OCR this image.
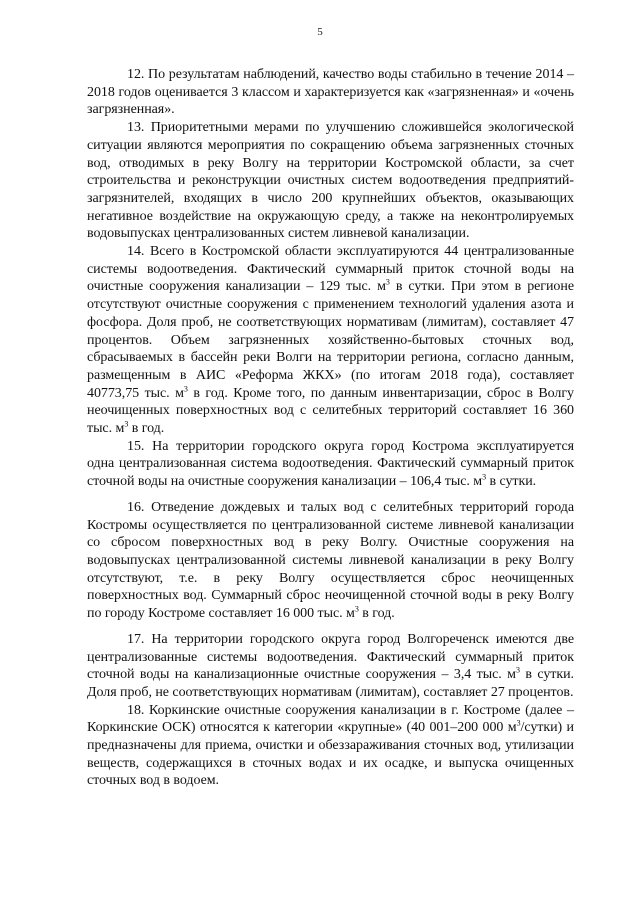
5

12. По результатам наблюдений, качество воды стабильно в течение 2014 – 2018 годов оценивается 3 классом и характеризуется как «загрязненная» и «очень загрязненная».

13. Приоритетными мерами по улучшению сложившейся экологической ситуации являются мероприятия по сокращению объема загрязненных сточных вод, отводимых в реку Волгу на территории Костромской области, за счет строительства и реконструкции очистных систем водоотведения предприятий-загрязнителей, входящих в число 200 крупнейших объектов, оказывающих негативное воздействие на окружающую среду, а также на неконтролируемых водовыпусках централизованных систем ливневой канализации.

14. Всего в Костромской области эксплуатируются 44 централизованные системы водоотведения. Фактический суммарный приток сточной воды на очистные сооружения канализации – 129 тыс. $м^3$ в сутки. При этом в регионе отсутствуют очистные сооружения с применением технологий удаления азота и фосфора. Доля проб, не соответствующих нормативам (лимитам), составляет 47 процентов. Объем загрязненных хозяйственно-бытовых сточных вод, сбрасываемых в бассейн реки Волги на территории региона, согласно данным, размещенным в АИС «Реформа ЖКХ» (по итогам 2018 года), составляет 40773,75 тыс. $м^3$ в год. Кроме того, по данным инвентаризации, сброс в Волгу неочищенных поверхностных вод с селитебных территорий составляет 16 360 тыс. $м^3$ в год.

15. На территории городского округа город Кострома эксплуатируется одна централизованная система водоотведения. Фактический суммарный приток сточной воды на очистные сооружения канализации – 106,4 тыс. $м^3$ в сутки.

16. Отведение дождевых и талых вод с селитебных территорий города Костромы осуществляется по централизованной системе ливневой канализации со сбросом поверхностных вод в реку Волгу. Очистные сооружения на водовыпусках централизованной системы ливневой канализации в реку Волгу отсутствуют, т.е. в реку Волгу осуществляется сброс неочищенных поверхностных вод. Суммарный сброс неочищенной сточной воды в реку Волгу по городу Костроме составляет 16 000 тыс. $м^3$ в год.

17. На территории городского округа город Волгореченск имеются две централизованные системы водоотведения. Фактический суммарный приток сточной воды на канализационные очистные сооружения – 3,4 тыс. $м^3$ в сутки. Доля проб, не соответствующих нормативам (лимитам), составляет 27 процентов.

18. Коркинские очистные сооружения канализации в г. Костроме (далее – Коркинские ОСК) относятся к категории «крупные» (40 001–200 000 $м^3/сутки$) и предназначены для приема, очистки и обеззараживания сточных вод, утилизации веществ, содержащихся в сточных водах и их осадке, и выпуска очищенных сточных вод в водоем.
